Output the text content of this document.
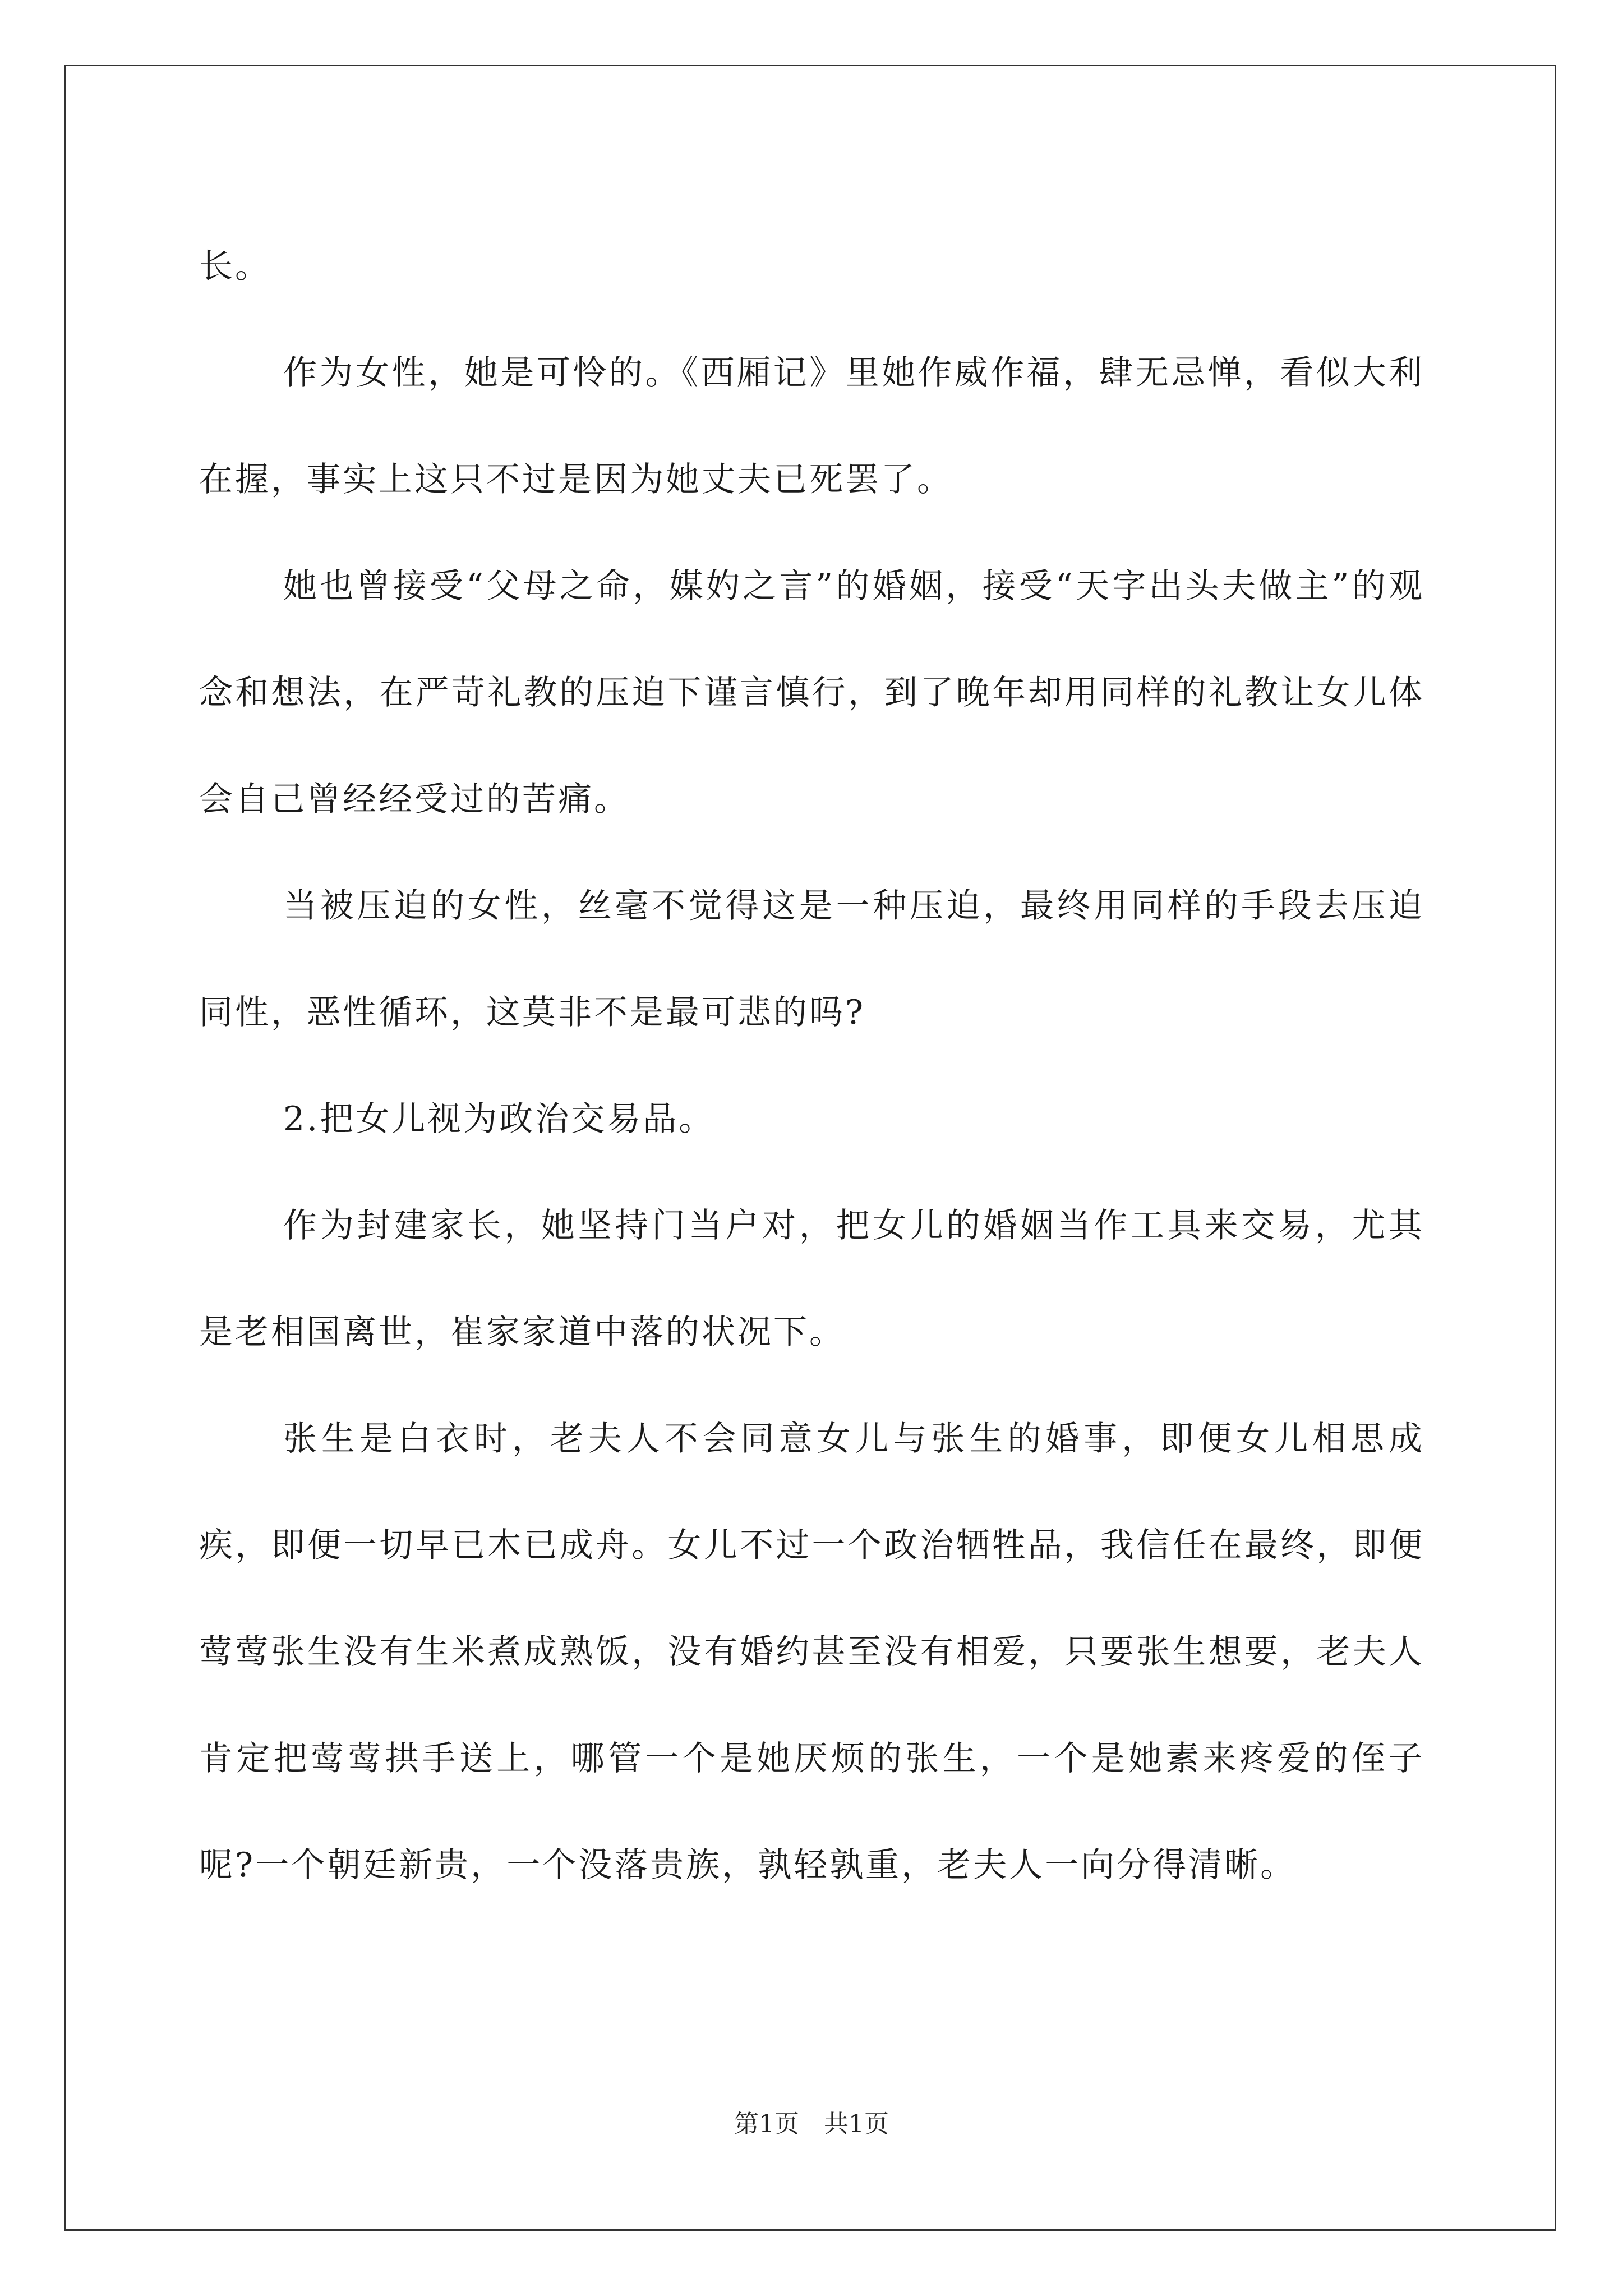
长。

作为女性，她是可怜的。《西厢记》里她作威作福，肆无忌惮，看似大利在握，事实上这只不过是因为她丈夫已死罢了。

她也曾接受“父母之命，媒妁之言”的婚姻，接受“天字出头夫做主”的观念和想法，在严苛礼教的压迫下谨言慎行，到了晚年却用同样的礼教让女儿体会自己曾经经受过的苦痛。

当被压迫的女性，丝毫不觉得这是一种压迫，最终用同样的手段去压迫同性，恶性循环，这莫非不是最可悲的吗?

2.把女儿视为政治交易品。

作为封建家长，她坚持门当户对，把女儿的婚姻当作工具来交易，尤其是老相国离世，崔家家道中落的状况下。

张生是白衣时，老夫人不会同意女儿与张生的婚事，即便女儿相思成疾，即便一切早已木已成舟。女儿不过一个政治牺牲品，我信任在最终，即便莺莺张生没有生米煮成熟饭，没有婚约甚至没有相爱，只要张生想要，老夫人肯定把莺莺拱手送上，哪管一个是她厌烦的张生，一个是她素来疼爱的侄子呢?一个朝廷新贵，一个没落贵族，孰轻孰重，老夫人一向分得清晰。

第1页　共1页
